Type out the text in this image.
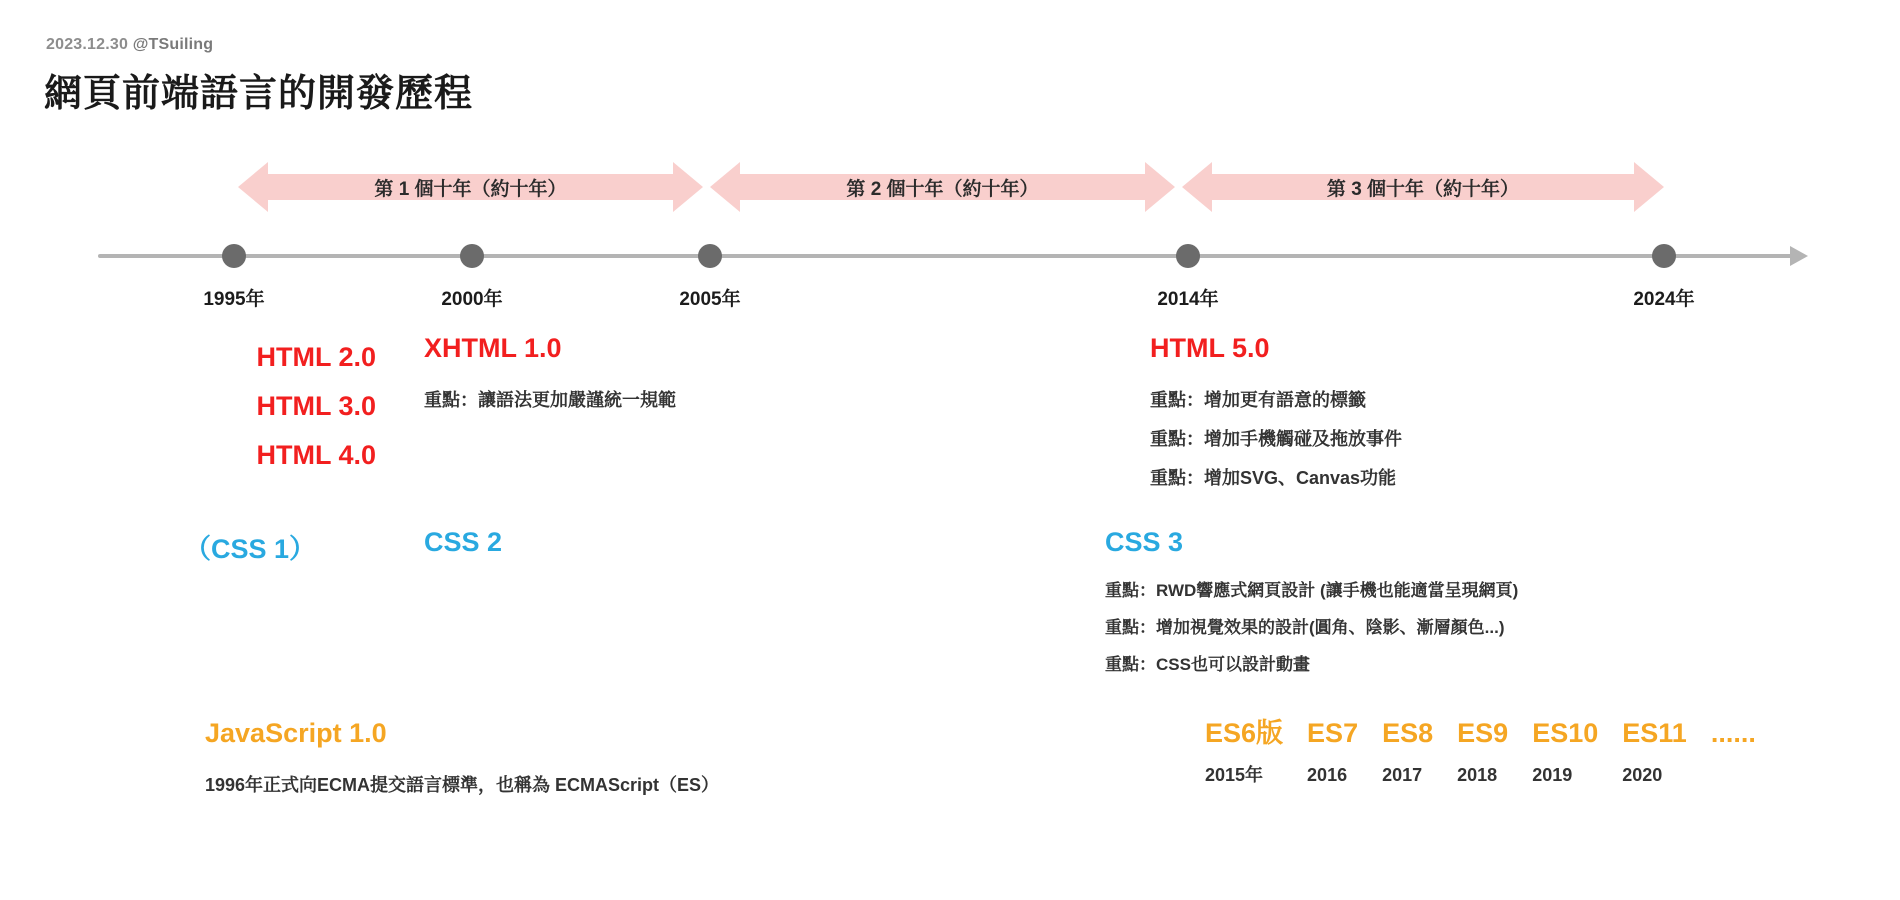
2023.12.30 @TSuiling
網頁前端語言的開發歷程
第 1 個十年（約十年）	第 2 個十年（約十年）	第 3 個十年（約十年）
1995年	2000年	2005年	2014年	2024年
HTML 2.0
HTML 3.0
HTML 4.0
XHTML 1.0
重點：讓語法更加嚴謹統一規範
HTML 5.0
重點：增加更有語意的標籤
重點：增加手機觸碰及拖放事件
重點：增加SVG、Canvas功能
（CSS 1）	CSS 2	CSS 3
重點：RWD響應式網頁設計 (讓手機也能適當呈現網頁)
重點：增加視覺效果的設計(圓角、陰影、漸層顏色...)
重點：CSS也可以設計動畫
JavaScript 1.0
1996年正式向ECMA提交語言標準，也稱為 ECMAScript（ES）
ES6版
2015年
ES7
2016
ES8
2017
ES9
2018
ES10
2019
ES11
2020
......
